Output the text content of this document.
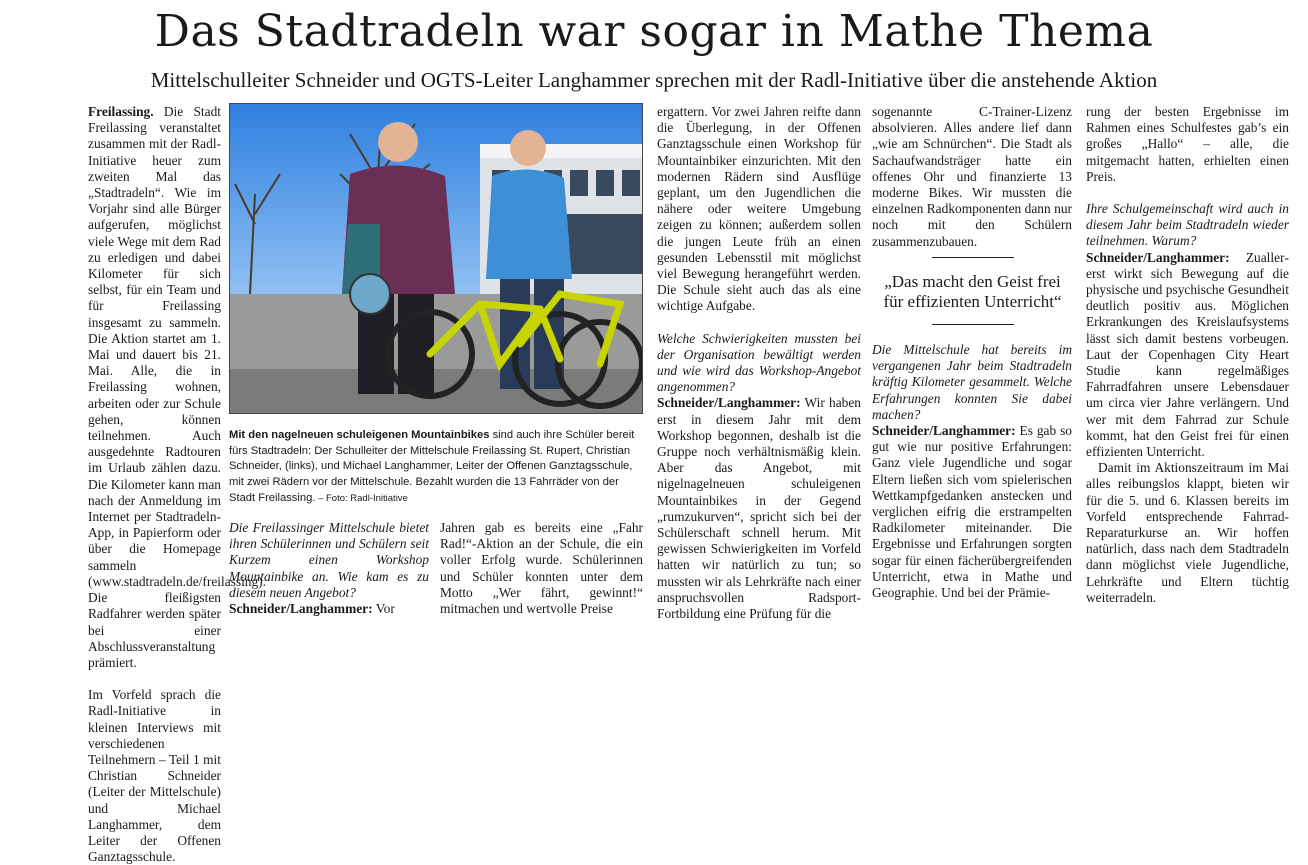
Das Stadtradeln war sogar in Mathe Thema

Mittelschulleiter Schneider und OGTS-Leiter Langhammer sprechen mit der Radl-Initiative über die anstehende Aktion

Freilassing. Die Stadt Freilassing veranstaltet zusammen mit der Radl-Initiative heuer zum zweiten Mal das „Stadtradeln“. Wie im Vorjahr sind alle Bürger aufgerufen, möglichst viele Wege mit dem Rad zu erledigen und dabei Kilometer für sich selbst, für ein Team und für Freilassing insgesamt zu sammeln. Die Aktion startet am 1. Mai und dauert bis 21. Mai. Alle, die in Freilassing wohnen, arbeiten oder zur Schule gehen, können teilnehmen. Auch ausgedehnte Radtouren im Urlaub zählen dazu. Die Kilometer kann man nach der Anmeldung im Internet per Stadtradeln-App, in Papierform oder über die Homepage sammeln (www.stadtradeln.de/freilassing). Die fleißigsten Radfahrer werden später bei einer Abschlussveranstaltung prämiert.

Im Vorfeld sprach die Radl-Initiative in kleinen Interviews mit verschiedenen Teilnehmern – Teil 1 mit Christian Schneider (Leiter der Mittelschule) und Michael Langhammer, dem Leiter der Offenen Ganztagsschule.

Mit den nagelneuen schuleigenen Mountainbikes sind auch ihre Schüler bereit fürs Stadtradeln: Der Schulleiter der Mittelschule Freilassing St. Rupert, Christian Schneider, (links), und Michael Langhammer, Leiter der Offenen Ganztagsschule, mit zwei Rädern vor der Mittelschule. Bezahlt wurden die 13 Fahrräder von der Stadt Freilassing. – Foto: Radl-Initiative

Die Freilassinger Mittelschule bietet ihren Schülerinnen und Schülern seit Kurzem einen Workshop Mountainbike an. Wie kam es zu diesem neuen Angebot?

Schneider/Langhammer: Vor

Jahren gab es bereits eine „Fahr Rad!“-Aktion an der Schule, die ein voller Erfolg wurde. Schülerinnen und Schüler konnten unter dem Motto „Wer fährt, gewinnt!“ mitmachen und wertvolle Preise

ergattern. Vor zwei Jahren reifte dann die Überlegung, in der Offenen Ganztagsschule einen Workshop für Mountainbiker einzurichten. Mit den modernen Rädern sind Ausflüge geplant, um den Jugendlichen die nähere oder weitere Umgebung zeigen zu können; außerdem sollen die jungen Leute früh an einen gesunden Lebensstil mit möglichst viel Bewegung herangeführt werden. Die Schule sieht auch das als eine wichtige Aufgabe.

Welche Schwierigkeiten mussten bei der Organisation bewältigt werden und wie wird das Workshop-Angebot angenommen?

Schneider/Langhammer: Wir haben erst in diesem Jahr mit dem Workshop begonnen, deshalb ist die Gruppe noch verhältnismäßig klein. Aber das Angebot, mit nigelnagelneuen schuleigenen Mountainbikes in der Gegend „rumzukurven“, spricht sich bei der Schülerschaft schnell herum. Mit gewissen Schwierigkeiten im Vorfeld hatten wir natürlich zu tun; so mussten wir als Lehrkräfte nach einer anspruchsvollen Radsport-Fortbildung eine Prüfung für die

sogenannte C-Trainer-Lizenz absolvieren. Alles andere lief dann „wie am Schnürchen“. Die Stadt als Sachaufwandsträger hatte ein offenes Ohr und finanzierte 13 moderne Bikes. Wir mussten die einzelnen Radkomponenten dann nur noch mit den Schülern zusammenzubauen.

„Das macht den Geist frei für effizienten Unterricht“

Die Mittelschule hat bereits im vergangenen Jahr beim Stadtradeln kräftig Kilometer gesammelt. Welche Erfahrungen konnten Sie dabei machen?

Schneider/Langhammer: Es gab so gut wie nur positive Erfahrungen: Ganz viele Jugendliche und sogar Eltern ließen sich vom spielerischen Wettkampfgedanken anstecken und verglichen eifrig die erstrampelten Radkilometer miteinander. Die Ergebnisse und Erfahrungen sorgten sogar für einen fächerübergreifenden Unterricht, etwa in Mathe und Geographie. Und bei der Prämie-

rung der besten Ergebnisse im Rahmen eines Schulfestes gab’s ein großes „Hallo“ – alle, die mitgemacht hatten, erhielten einen Preis.

Ihre Schulgemeinschaft wird auch in diesem Jahr beim Stadtradeln wieder teilnehmen. Warum?

Schneider/Langhammer: Zuallererst wirkt sich Bewegung auf die physische und psychische Gesundheit deutlich positiv aus. Möglichen Erkrankungen des Kreislaufsystems lässt sich damit bestens vorbeugen. Laut der Copenhagen City Heart Studie kann regelmäßiges Fahrradfahren unsere Lebensdauer um circa vier Jahre verlängern. Und wer mit dem Fahrrad zur Schule kommt, hat den Geist frei für einen effizienten Unterricht.

Damit im Aktionszeitraum im Mai alles reibungslos klappt, bieten wir für die 5. und 6. Klassen bereits im Vorfeld entsprechende Fahrrad-Reparaturkurse an. Wir hoffen natürlich, dass nach dem Stadtradeln dann möglichst viele Jugendliche, Lehrkräfte und Eltern tüchtig weiterradeln.
